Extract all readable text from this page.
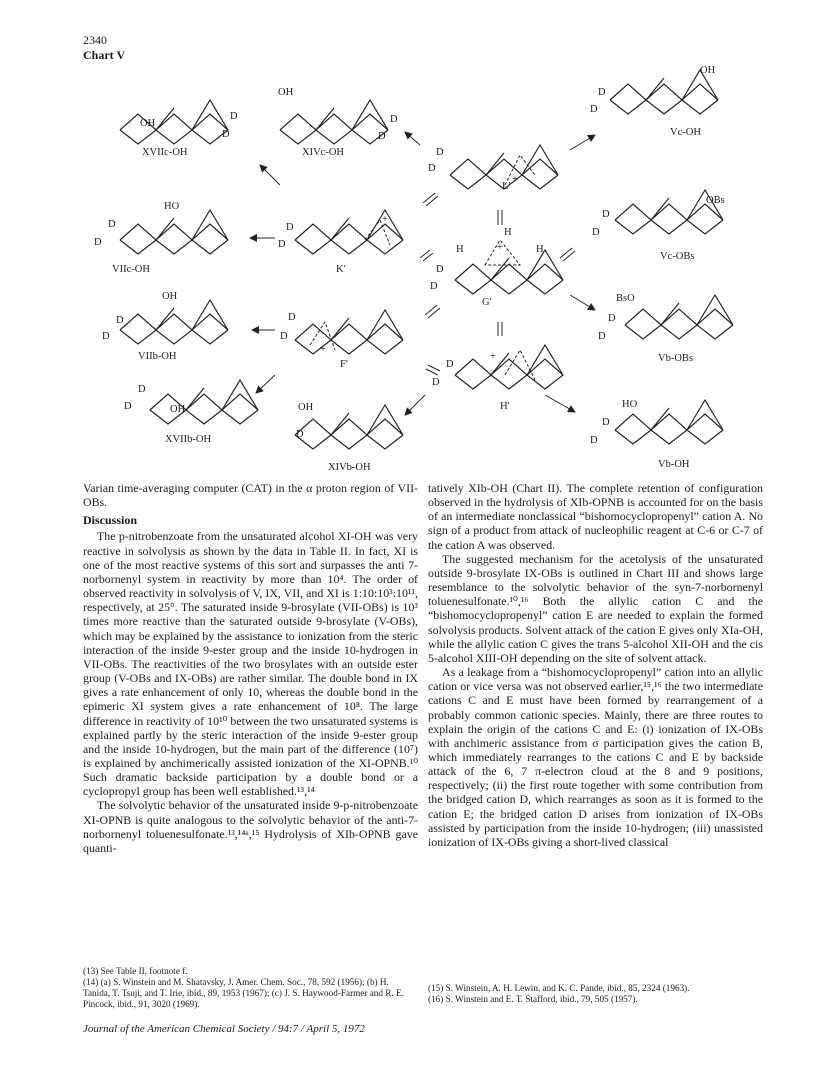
2340
Chart V
XVIIc-OH	XIVc-OH
Vc-OH
L′
VIIc-OH	K′
G′
Vc-OBs
VIIb-OH
F′
Vb-OBs
H′
XVIIb-OH
XIVb-OH	Vb-OH
OH
D
D
OH
D
D
OH
D
D
D
D
+
HO
D
D
D
D
+
H
H	H
+
D
D
OBs
D
D
OH
D
D
D
D
+
BsO
D
D
D
D
+
D
D	OH	OH
D
HO
D
D

Varian time-averaging computer (CAT) in the α proton region of VII-OBs.

Discussion

The p-nitrobenzoate from the unsaturated alcohol XI-OH was very reactive in solvolysis as shown by the data in Table II. In fact, XI is one of the most reactive systems of this sort and surpasses the anti 7-norbornenyl system in reactivity by more than 10⁴. The order of observed reactivity in solvolysis of V, IX, VII, and XI is 1:10:10³:10¹¹, respectively, at 25°. The saturated inside 9-brosylate (VII-OBs) is 10³ times more reactive than the saturated outside 9-brosylate (V-OBs), which may be explained by the assistance to ionization from the steric interaction of the inside 9-ester group and the inside 10-hydrogen in VII-OBs. The reactivities of the two brosylates with an outside ester group (V-OBs and IX-OBs) are rather similar. The double bond in IX gives a rate enhancement of only 10, whereas the double bond in the epimeric XI system gives a rate enhancement of 10⁸. The large difference in reactivity of 10¹⁰ between the two unsaturated systems is explained partly by the steric interaction of the inside 9-ester group and the inside 10-hydrogen, but the main part of the difference (10⁷) is explained by anchimerically assisted ionization of the XI-OPNB.¹⁰ Such dramatic backside participation by a double bond or a cyclopropyl group has been well established.¹³,¹⁴

The solvolytic behavior of the unsaturated inside 9-p-nitrobenzoate XI-OPNB is quite analogous to the solvolytic behavior of the anti-7-norbornenyl toluenesulfonate.¹³,¹⁴ᵃ,¹⁵ Hydrolysis of XIb-OPNB gave quanti-

tatively XIb-OH (Chart II). The complete retention of configuration observed in the hydrolysis of XIb-OPNB is accounted for on the basis of an intermediate nonclassical “bishomocyclopropenyl” cation A. No sign of a product from attack of nucleophilic reagent at C-6 or C-7 of the cation A was observed.

The suggested mechanism for the acetolysis of the unsaturated outside 9-brosylate IX-OBs is outlined in Chart III and shows large resemblance to the solvolytic behavior of the syn-7-norbornenyl toluenesulfonate.¹⁰,¹⁶ Both the allylic cation C and the “bishomocyclopropenyl” cation E are needed to explain the formed solvolysis products. Solvent attack of the cation E gives only XIa-OH, while the allylic cation C gives the trans 5-alcohol XII-OH and the cis 5-alcohol XIII-OH depending on the site of solvent attack.

As a leakage from a “bishomocyclopropenyl” cation into an allylic cation or vice versa was not observed earlier,¹⁵,¹⁶ the two intermediate cations C and E must have been formed by rearrangement of a probably common cationic species. Mainly, there are three routes to explain the origin of the cations C and E: (i) ionization of IX-OBs with anchimeric assistance from σ participation gives the cation B, which immediately rearranges to the cations C and E by backside attack of the 6, 7 π-electron cloud at the 8 and 9 positions, respectively; (ii) the first route together with some contribution from the bridged cation D, which rearranges as soon as it is formed to the cation E; the bridged cation D arises from ionization of IX-OBs assisted by participation from the inside 10-hydrogen; (iii) unassisted ionization of IX-OBs giving a short-lived classical

(13) See Table II, footnote f.
(14) (a) S. Winstein and M. Shatavsky, J. Amer. Chem. Soc., 78, 592 (1956); (b) H. Tanida, T. Tsuji, and T. Irie, ibid., 89, 1953 (1967); (c) J. S. Haywood-Farmer and R. E. Pincock, ibid., 91, 3020 (1969).
(15) S. Winstein, A. H. Lewin, and K. C. Pande, ibid., 85, 2324 (1963).
(16) S. Winstein and E. T. Stafford, ibid., 79, 505 (1957).
Journal of the American Chemical Society / 94:7 / April 5, 1972
